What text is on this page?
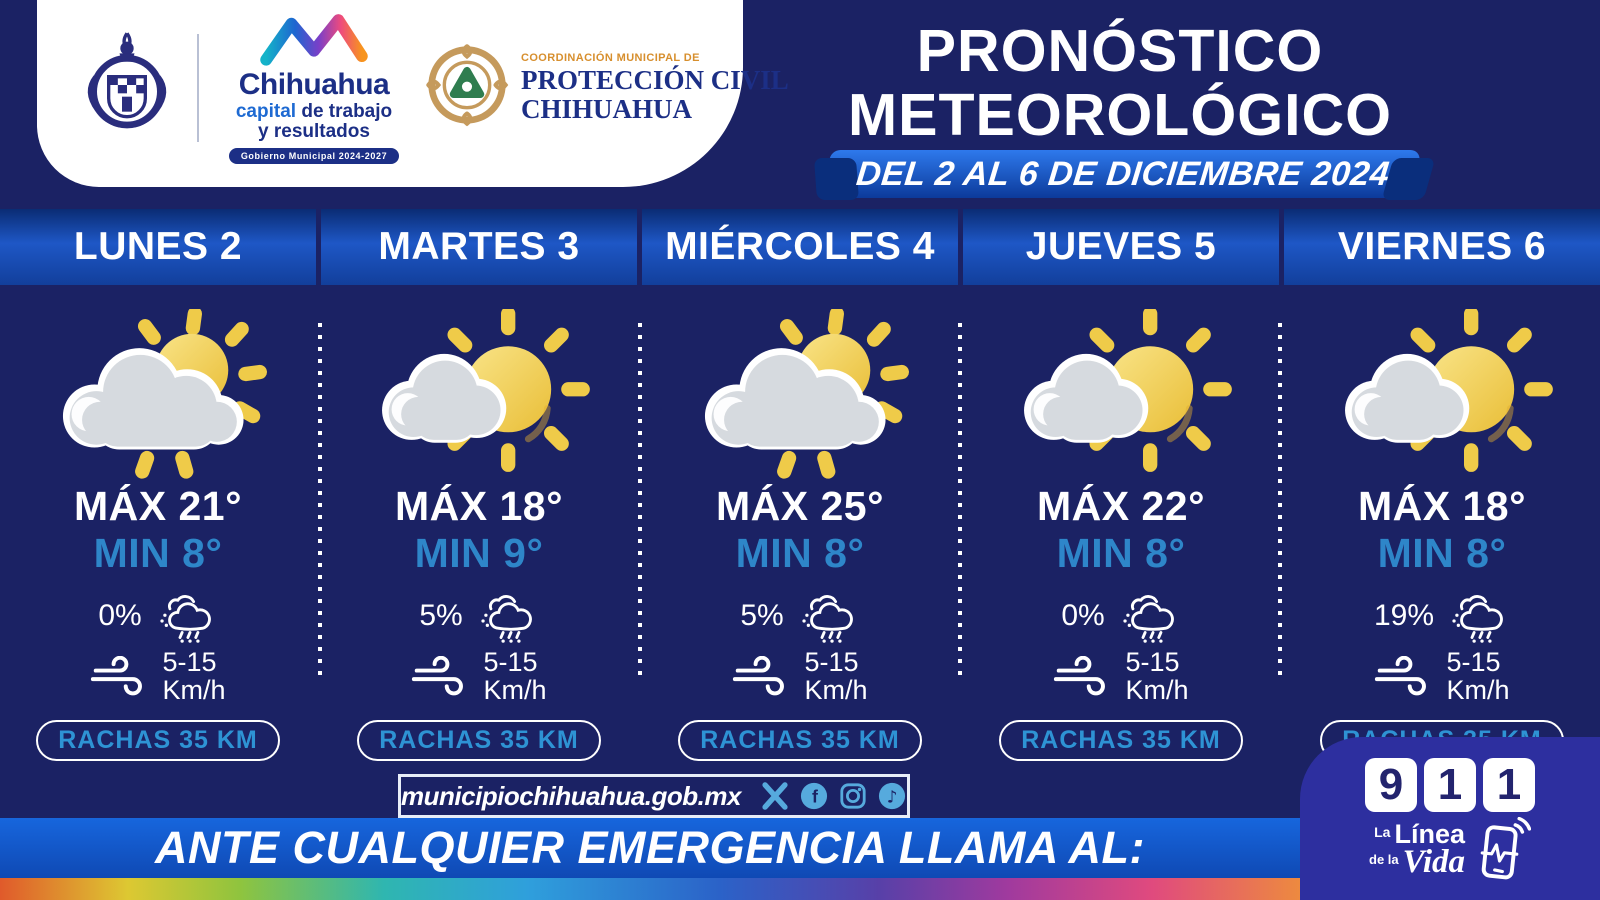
Chihuahua
capital de trabajo
y resultados
Gobierno Municipal 2024-2027
COORDINACIÓN MUNICIPAL DE
PROTECCIÓN CIVIL
CHIHUAHUA
PRONÓSTICO
METEOROLÓGICO
DEL 2 AL 6 DE DICIEMBRE 2024
LUNES 2	MARTES 3 MIÉRCOLES 4 JUEVES 5	VIERNES 6
MÁX 21°
MIN 8°
0%
5-15
Km/h
RACHAS 35 KM
MÁX 18°
MIN 9°
5%
5-15
Km/h
RACHAS 35 KM
MÁX 25°
MIN 8°
5%
5-15
Km/h
RACHAS 35 KM
MÁX 22°
MIN 8°
0%
5-15
Km/h
RACHAS 35 KM
MÁX 18°
MIN 8°
19%
5-15
Km/h
municipiochihuahua.gob.mx	f	♪
ANTE CUALQUIER EMERGENCIA LLAMA AL:
9 1 1
La Línea
$^{de la}$ Vida
